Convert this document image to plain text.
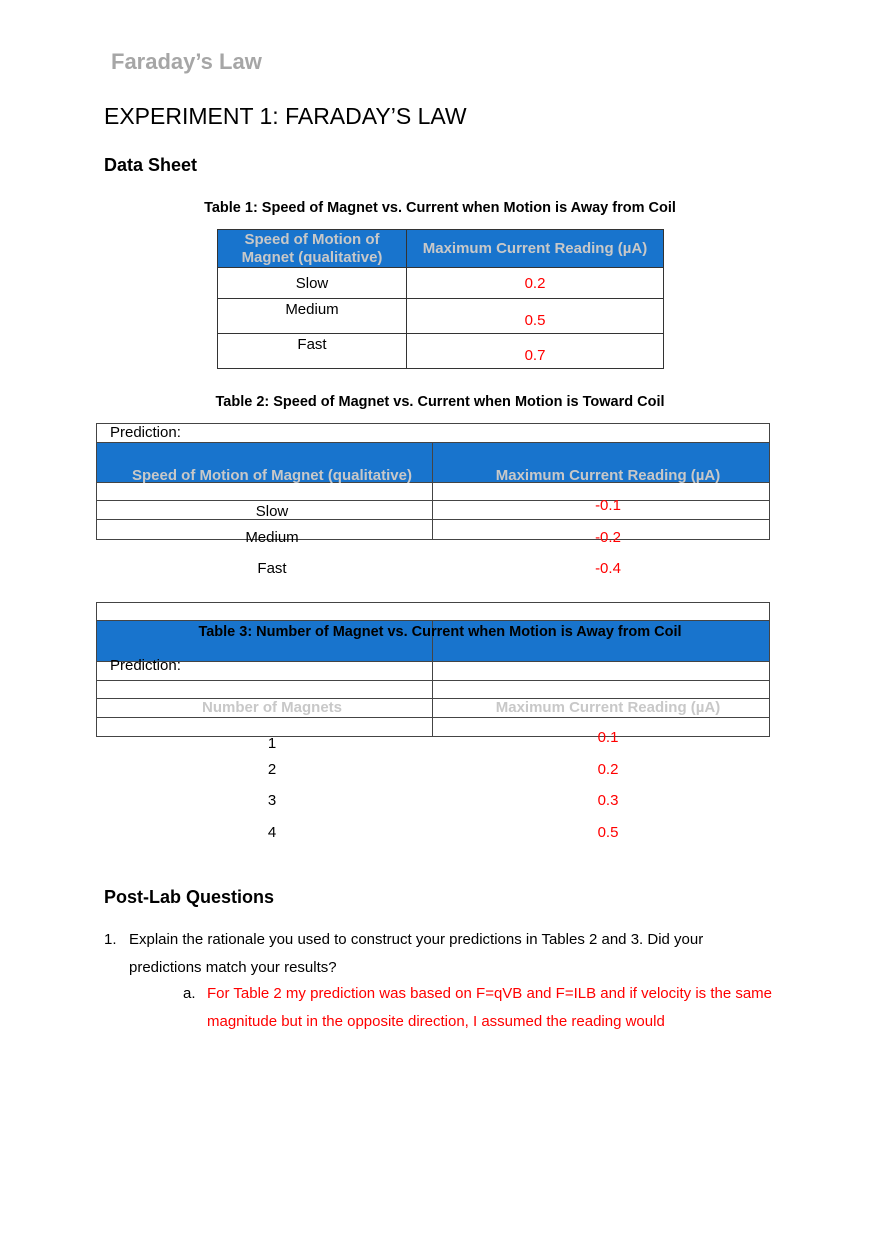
Faraday’s Law
EXPERIMENT 1: FARADAY’S LAW
Data Sheet
Table 1: Speed of Magnet vs. Current when Motion is Away from Coil
Speed of Motion of Magnet (qualitative)	Maximum Current Reading (µA)
Slow	0.2
Medium	0.5
Fast	0.7
Table 2: Speed of Magnet vs. Current when Motion is Toward Coil
Prediction:
Speed of Motion of Magnet (qualitative)	Maximum Current Reading (µA)
Slow	-0.1
Medium	-0.2
Fast	-0.4
Table 3: Number of Magnet vs. Current when Motion is Away from Coil
Prediction:
Number of Magnets	Maximum Current Reading (µA)
1	0.1
2	0.2
3	0.3
4	0.5
Post-Lab Questions
1. Explain the rationale you used to construct your predictions in Tables 2 and 3. Did your predictions match your results?
a. For Table 2 my prediction was based on F=qVB and F=ILB and if velocity is the same magnitude but in the opposite direction, I assumed the reading would
